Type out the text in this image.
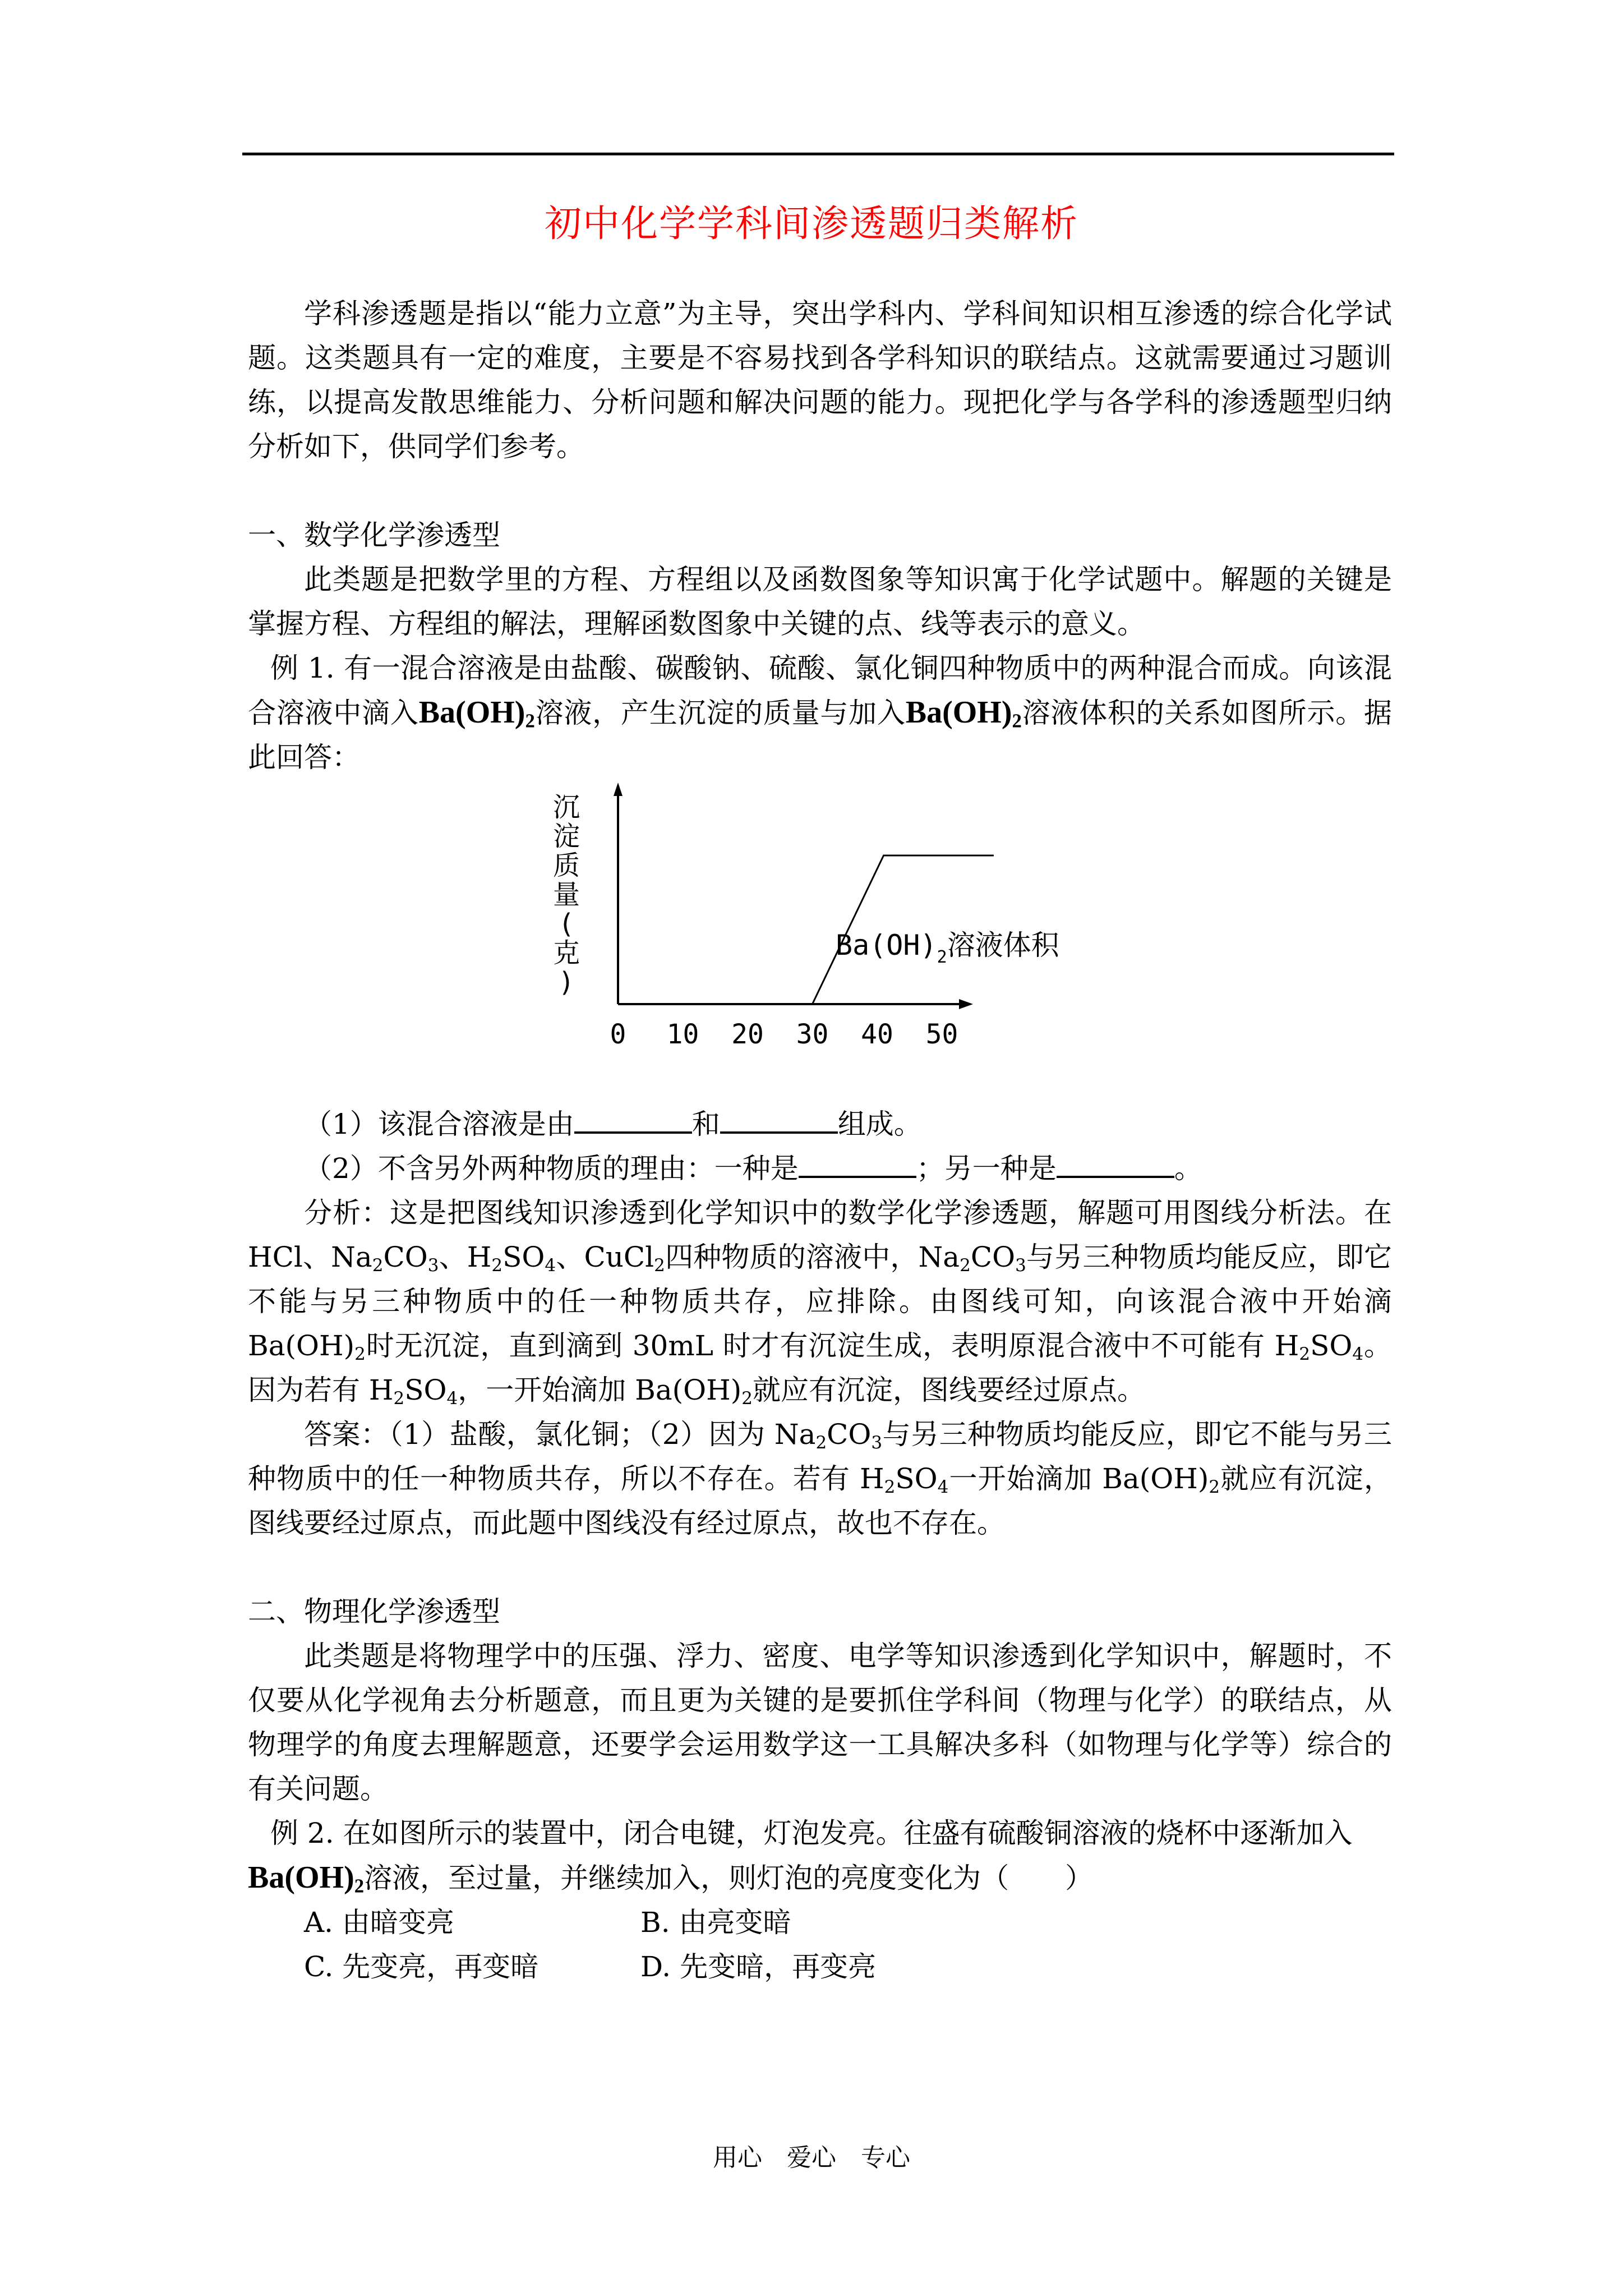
初中化学学科间渗透题归类解析

学科渗透题是指以“能力立意”为主导，突出学科内、学科间知识相互渗透的综合化学试题。这类题具有一定的难度，主要是不容易找到各学科知识的联结点。这就需要通过习题训练，以提高发散思维能力、分析问题和解决问题的能力。现把化学与各学科的渗透题型归纳分析如下，供同学们参考。

一、数学化学渗透型

此类题是把数学里的方程、方程组以及函数图象等知识寓于化学试题中。解题的关键是掌握方程、方程组的解法，理解函数图象中关键的点、线等表示的意义。

例 1. 有一混合溶液是由盐酸、碳酸钠、硫酸、氯化铜四种物质中的两种混合而成。向该混合溶液中滴入$Ba(OH)_2$溶液，产生沉淀的质量与加入$Ba(OH)_2$溶液体积的关系如图所示。据此回答：

沉
淀
质
量
(
克
)
0 10 20 30 40 50
$Ba(OH)_2$溶液体积

（1）该混合溶液是由	和	组成。

（2）不含另外两种物质的理由：一种是	；另一种是	。

分析：这是把图线知识渗透到化学知识中的数学化学渗透题，解题可用图线分析法。在 HCl、$Na_2CO_3$、$H_2SO_4$、CuCl$_2$四种物质的溶液中，$Na_2CO_3$与另三种物质均能反应，即它不能与另三种物质中的任一种物质共存，应排除。由图线可知，向该混合液中开始滴 $Ba(OH)_2$时无沉淀，直到滴到 30mL 时才有沉淀生成，表明原混合液中不可能有 $H_2SO_4$。因为若有 $H_2SO_4$，一开始滴加 $Ba(OH)_2$就应有沉淀，图线要经过原点。

答案：（1）盐酸，氯化铜；（2）因为 $Na_2CO_3$与另三种物质均能反应，即它不能与另三种物质中的任一种物质共存，所以不存在。若有 $H_2SO_4$一开始滴加 $Ba(OH)_2$就应有沉淀，图线要经过原点，而此题中图线没有经过原点，故也不存在。

二、物理化学渗透型

此类题是将物理学中的压强、浮力、密度、电学等知识渗透到化学知识中，解题时，不仅要从化学视角去分析题意，而且更为关键的是要抓住学科间（物理与化学）的联结点，从物理学的角度去理解题意，还要学会运用数学这一工具解决多科（如物理与化学等）综合的有关问题。

例 2. 在如图所示的装置中，闭合电键，灯泡发亮。往盛有硫酸铜溶液的烧杯中逐渐加入

$Ba(OH)_2$溶液，至过量，并继续加入，则灯泡的亮度变化为（　　）

A. 由暗变亮	B. 由亮变暗
C. 先变亮，再变暗	D. 先变暗，再变亮
用心　爱心　专心
